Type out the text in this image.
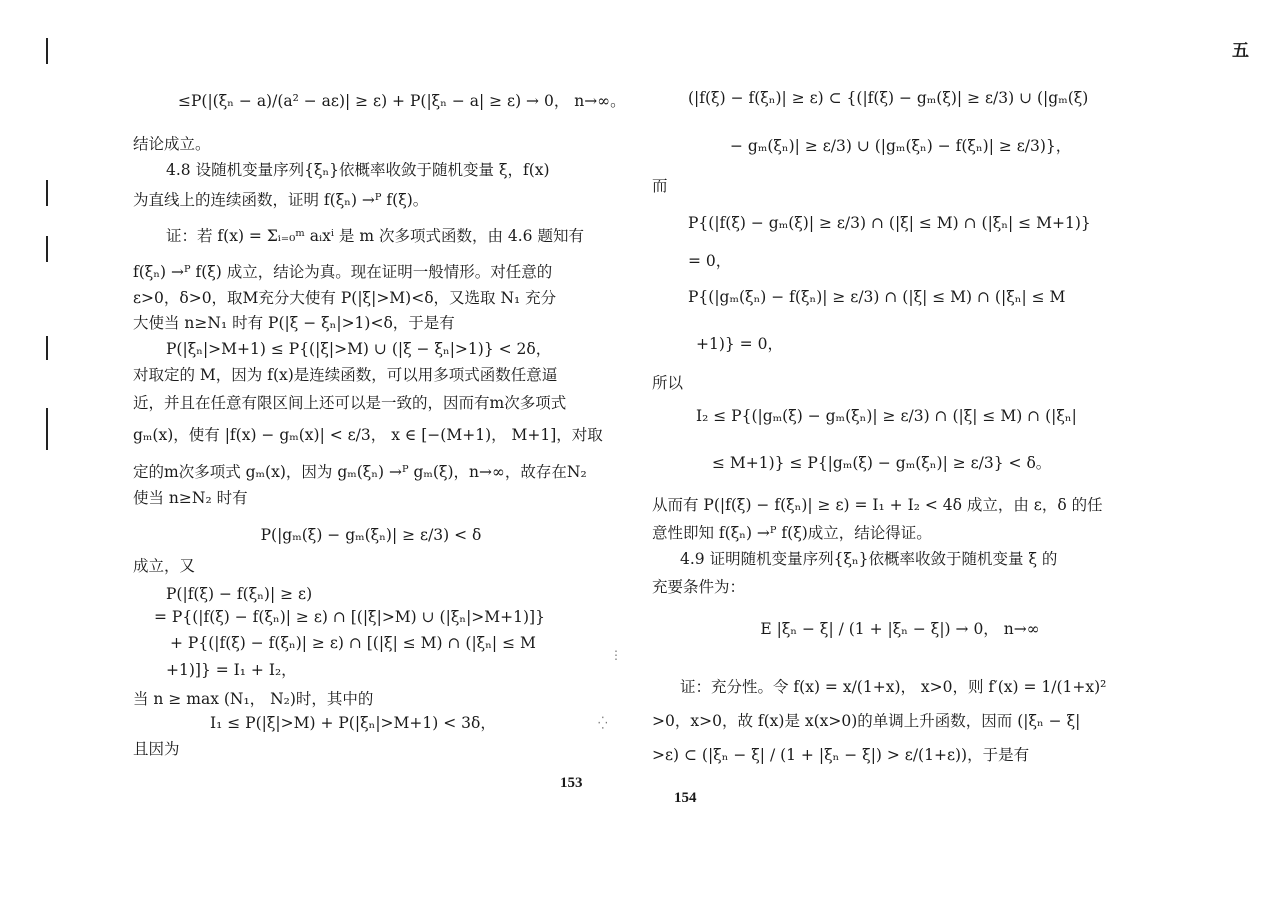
五
≤P(|(ξₙ − a)/(a² − aε)| ≥ ε) + P(|ξₙ − a| ≥ ε) → 0， n→∞。
结论成立。
4.8 设随机变量序列{ξₙ}依概率收敛于随机变量 ξ，f(x)
为直线上的连续函数，证明 f(ξₙ) →ᴾ f(ξ)。
证：若 f(x) = Σᵢ₌₀ᵐ aᵢxⁱ 是 m 次多项式函数，由 4.6 题知有
f(ξₙ) →ᴾ f(ξ) 成立，结论为真。现在证明一般情形。对任意的
ε>0，δ>0，取M充分大使有 P(|ξ|>M)<δ，又选取 N₁ 充分
大使当 n≥N₁ 时有 P(|ξ − ξₙ|>1)<δ，于是有
P(|ξₙ|>M+1) ≤ P{(|ξ|>M) ∪ (|ξ − ξₙ|>1)} < 2δ，
对取定的 M，因为 f(x)是连续函数，可以用多项式函数任意逼
近，并且在任意有限区间上还可以是一致的，因而有m次多项式
gₘ(x)，使有 |f(x) − gₘ(x)| < ε/3， x ∈ [−(M+1)， M+1]，对取
定的m次多项式 gₘ(x)，因为 gₘ(ξₙ) →ᴾ gₘ(ξ)，n→∞，故存在N₂
使当 n≥N₂ 时有
P(|gₘ(ξ) − gₘ(ξₙ)| ≥ ε/3) < δ
成立，又
P(|f(ξ) − f(ξₙ)| ≥ ε)
= P{(|f(ξ) − f(ξₙ)| ≥ ε) ∩ [(|ξ|>M) ∪ (|ξₙ|>M+1)]}
+ P{(|f(ξ) − f(ξₙ)| ≥ ε) ∩ [(|ξ| ≤ M) ∩ (|ξₙ| ≤ M
+1)]} = I₁ + I₂，
当 n ≥ max (N₁， N₂)时，其中的
I₁ ≤ P(|ξ|>M) + P(|ξₙ|>M+1) < 3δ，
且因为
153
⋮
⁛
(|f(ξ) − f(ξₙ)| ≥ ε) ⊂ {(|f(ξ) − gₘ(ξ)| ≥ ε/3) ∪ (|gₘ(ξ)
− gₘ(ξₙ)| ≥ ε/3) ∪ (|gₘ(ξₙ) − f(ξₙ)| ≥ ε/3)}，
而
P{(|f(ξ) − gₘ(ξ)| ≥ ε/3) ∩ (|ξ| ≤ M) ∩ (|ξₙ| ≤ M+1)}
= 0，
P{(|gₘ(ξₙ) − f(ξₙ)| ≥ ε/3) ∩ (|ξ| ≤ M) ∩ (|ξₙ| ≤ M
+1)} = 0，
所以
I₂ ≤ P{(|gₘ(ξ) − gₘ(ξₙ)| ≥ ε/3) ∩ (|ξ| ≤ M) ∩ (|ξₙ|
≤ M+1)} ≤ P{|gₘ(ξ) − gₘ(ξₙ)| ≥ ε/3} < δ。
从而有 P(|f(ξ) − f(ξₙ)| ≥ ε) = I₁ + I₂ < 4δ 成立，由 ε，δ 的任
意性即知 f(ξₙ) →ᴾ f(ξ)成立，结论得证。
4.9 证明随机变量序列{ξₙ}依概率收敛于随机变量 ξ 的
充要条件为：
E |ξₙ − ξ| / (1 + |ξₙ − ξ|) → 0， n→∞
证：充分性。令 f(x) = x/(1+x)， x>0，则 f′(x) = 1/(1+x)²
>0，x>0，故 f(x)是 x(x>0)的单调上升函数，因而 (|ξₙ − ξ|
>ε) ⊂ (|ξₙ − ξ| / (1 + |ξₙ − ξ|) > ε/(1+ε))，于是有
154
